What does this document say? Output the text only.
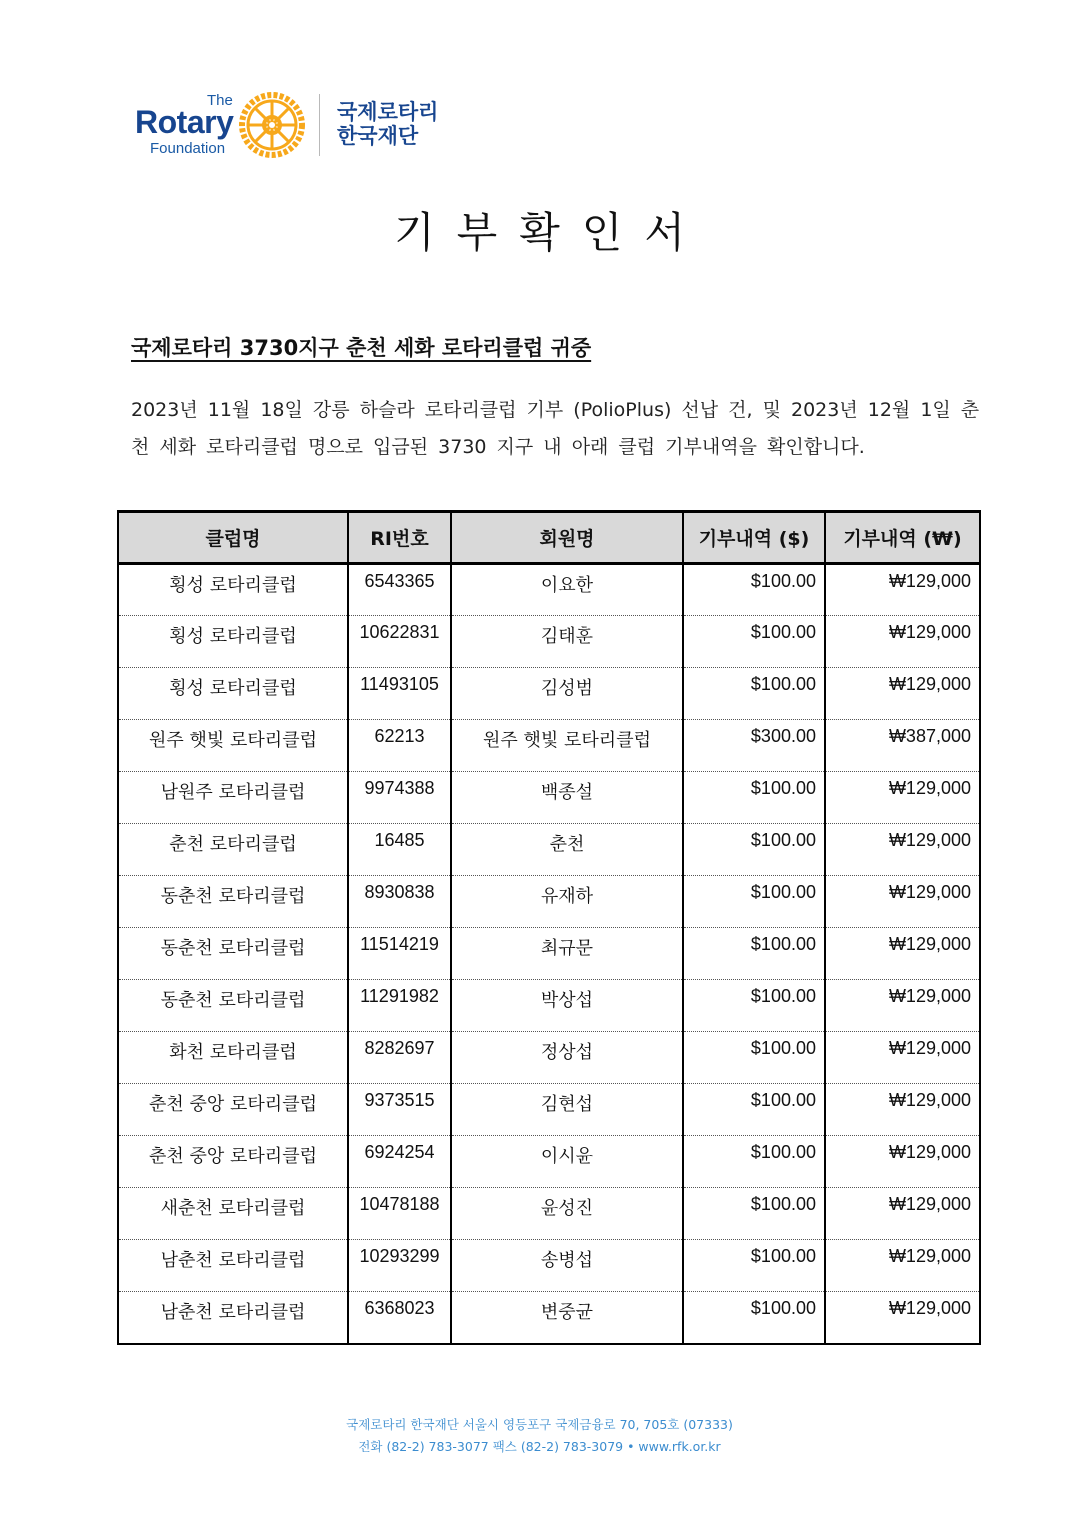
The
Rotary
Foundation
국제로타리
한국재단
기부확인서
국제로타리 3730지구 춘천 세화 로타리클럽 귀중
2023년 11월 18일 강릉 하슬라 로타리클럽 기부 (PolioPlus) 선납 건, 및 2023년 12월 1일 춘천 세화 로타리클럽 명으로 입금된 3730 지구 내 아래 클럽 기부내역을 확인합니다.
클럽명	RI번호	회원명	기부내역 ($)	기부내역 (₩)
횡성 로타리클럽	6543365	이요한	$100.00	₩129,000
횡성 로타리클럽	10622831	김태훈	$100.00	₩129,000
횡성 로타리클럽	11493105	김성범	$100.00	₩129,000
원주 햇빛 로타리클럽	62213	원주 햇빛 로타리클럽	$300.00	₩387,000
남원주 로타리클럽	9974388	백종설	$100.00	₩129,000
춘천 로타리클럽	16485	춘천	$100.00	₩129,000
동춘천 로타리클럽	8930838	유재하	$100.00	₩129,000
동춘천 로타리클럽	11514219	최규문	$100.00	₩129,000
동춘천 로타리클럽	11291982	박상섭	$100.00	₩129,000
화천 로타리클럽	8282697	정상섭	$100.00	₩129,000
춘천 중앙 로타리클럽	9373515	김현섭	$100.00	₩129,000
춘천 중앙 로타리클럽	6924254	이시윤	$100.00	₩129,000
새춘천 로타리클럽	10478188	윤성진	$100.00	₩129,000
남춘천 로타리클럽	10293299	송병섭	$100.00	₩129,000
남춘천 로타리클럽	6368023	변중균	$100.00	₩129,000
국제로타리 한국재단 서울시 영등포구 국제금융로 70, 705호 (07333)
전화 (82-2) 783-3077 팩스 (82-2) 783-3079 • www.rfk.or.kr
